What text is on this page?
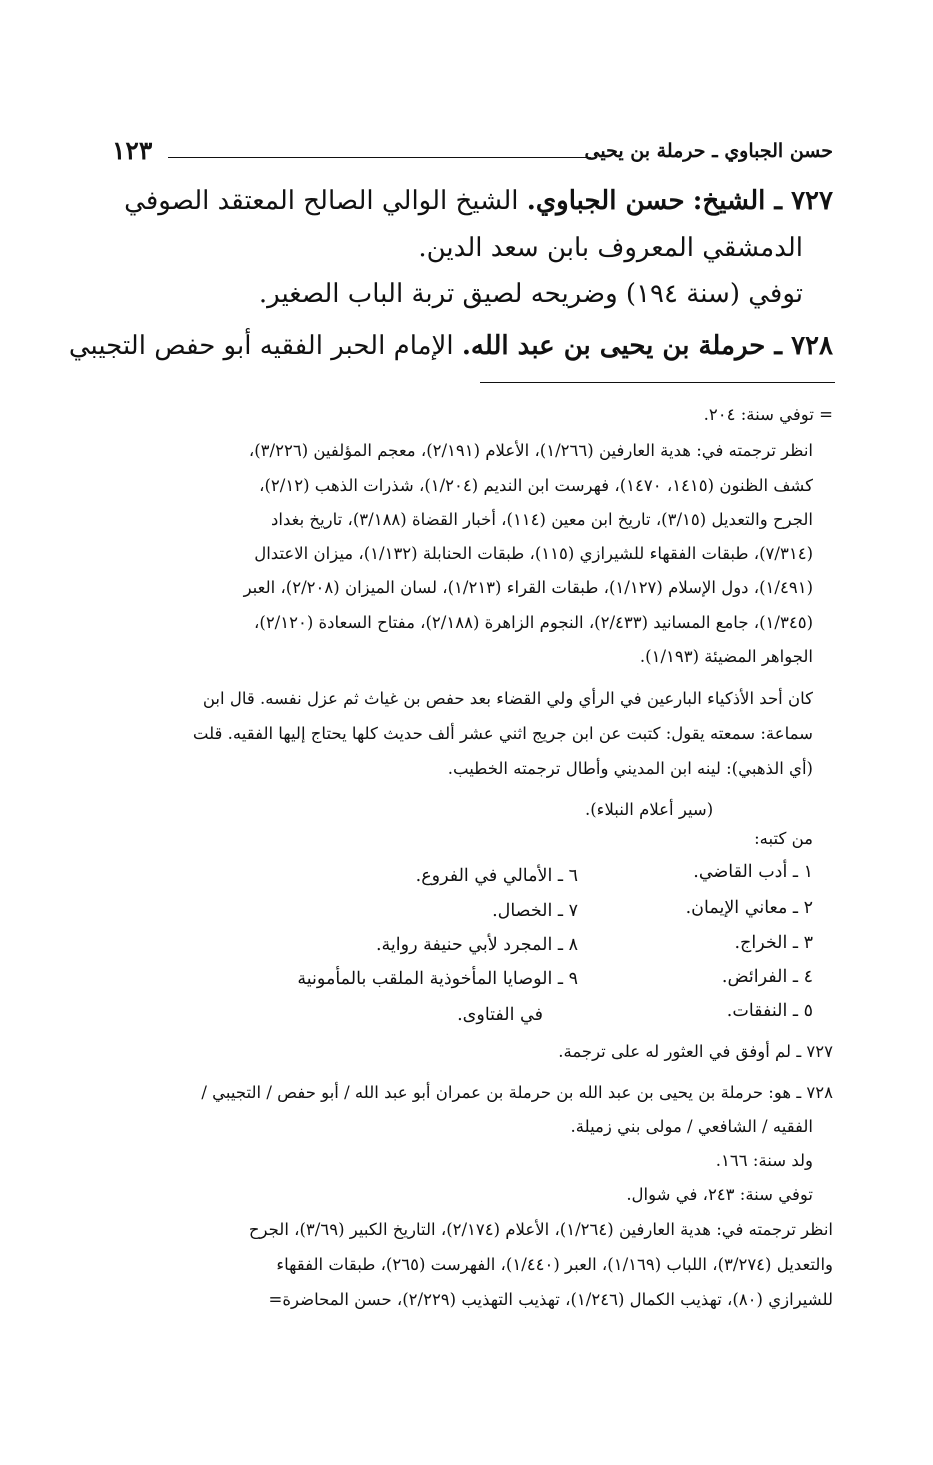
حسن الجباوي ـ حرملة بن يحيى
١٢٣
٧٢٧ ـ الشيخ: حسن الجباوي. الشيخ الوالي الصالح المعتقد الصوفي
الدمشقي المعروف بابن سعد الدين.
توفي (سنة ١٩٤) وضريحه لصيق تربة الباب الصغير.
٧٢٨ ـ حرملة بن يحيى بن عبد الله. الإمام الحبر الفقيه أبو حفص التجيبي
= توفي سنة: ٢٠٤.
انظر ترجمته في: هدية العارفين (١/٢٦٦)، الأعلام (٢/١٩١)، معجم المؤلفين (٣/٢٢٦)،
كشف الظنون (١٤١٥، ١٤٧٠)، فهرست ابن النديم (١/٢٠٤)، شذرات الذهب (٢/١٢)،
الجرح والتعديل (٣/١٥)، تاريخ ابن معين (١١٤)، أخبار القضاة (٣/١٨٨)، تاريخ بغداد
(٧/٣١٤)، طبقات الفقهاء للشيرازي (١١٥)، طبقات الحنابلة (١/١٣٢)، ميزان الاعتدال
(١/٤٩١)، دول الإسلام (١/١٢٧)، طبقات القراء (١/٢١٣)، لسان الميزان (٢/٢٠٨)، العبر
(١/٣٤٥)، جامع المسانيد (٢/٤٣٣)، النجوم الزاهرة (٢/١٨٨)، مفتاح السعادة (٢/١٢٠)،
الجواهر المضيئة (١/١٩٣).
كان أحد الأذكياء البارعين في الرأي ولي القضاء بعد حفص بن غياث ثم عزل نفسه. قال ابن
سماعة: سمعته يقول: كتبت عن ابن جريج اثني عشر ألف حديث كلها يحتاج إليها الفقيه. قلت
(أي الذهبي): لينه ابن المديني وأطال ترجمته الخطيب.
(سير أعلام النبلاء).
من كتبه:
١ ـ أدب القاضي.
٢ ـ معاني الإيمان.
٣ ـ الخراج.
٤ ـ الفرائض.
٥ ـ النفقات.
٦ ـ الأمالي في الفروع.
٧ ـ الخصال.
٨ ـ المجرد لأبي حنيفة رواية.
٩ ـ الوصايا المأخوذية الملقب بالمأمونية
في الفتاوى.
٧٢٧ ـ لم أوفق في العثور له على ترجمة.
٧٢٨ ـ هو: حرملة بن يحيى بن عبد الله بن حرملة بن عمران أبو عبد الله / أبو حفص / التجيبي /
الفقيه / الشافعي / مولى بني زميلة.
ولد سنة: ١٦٦.
توفي سنة: ٢٤٣، في شوال.
انظر ترجمته في: هدية العارفين (١/٢٦٤)، الأعلام (٢/١٧٤)، التاريخ الكبير (٣/٦٩)، الجرح
والتعديل (٣/٢٧٤)، اللباب (١/١٦٩)، العبر (١/٤٤٠)، الفهرست (٢٦٥)، طبقات الفقهاء
للشيرازي (٨٠)، تهذيب الكمال (١/٢٤٦)، تهذيب التهذيب (٢/٢٢٩)، حسن المحاضرة=
